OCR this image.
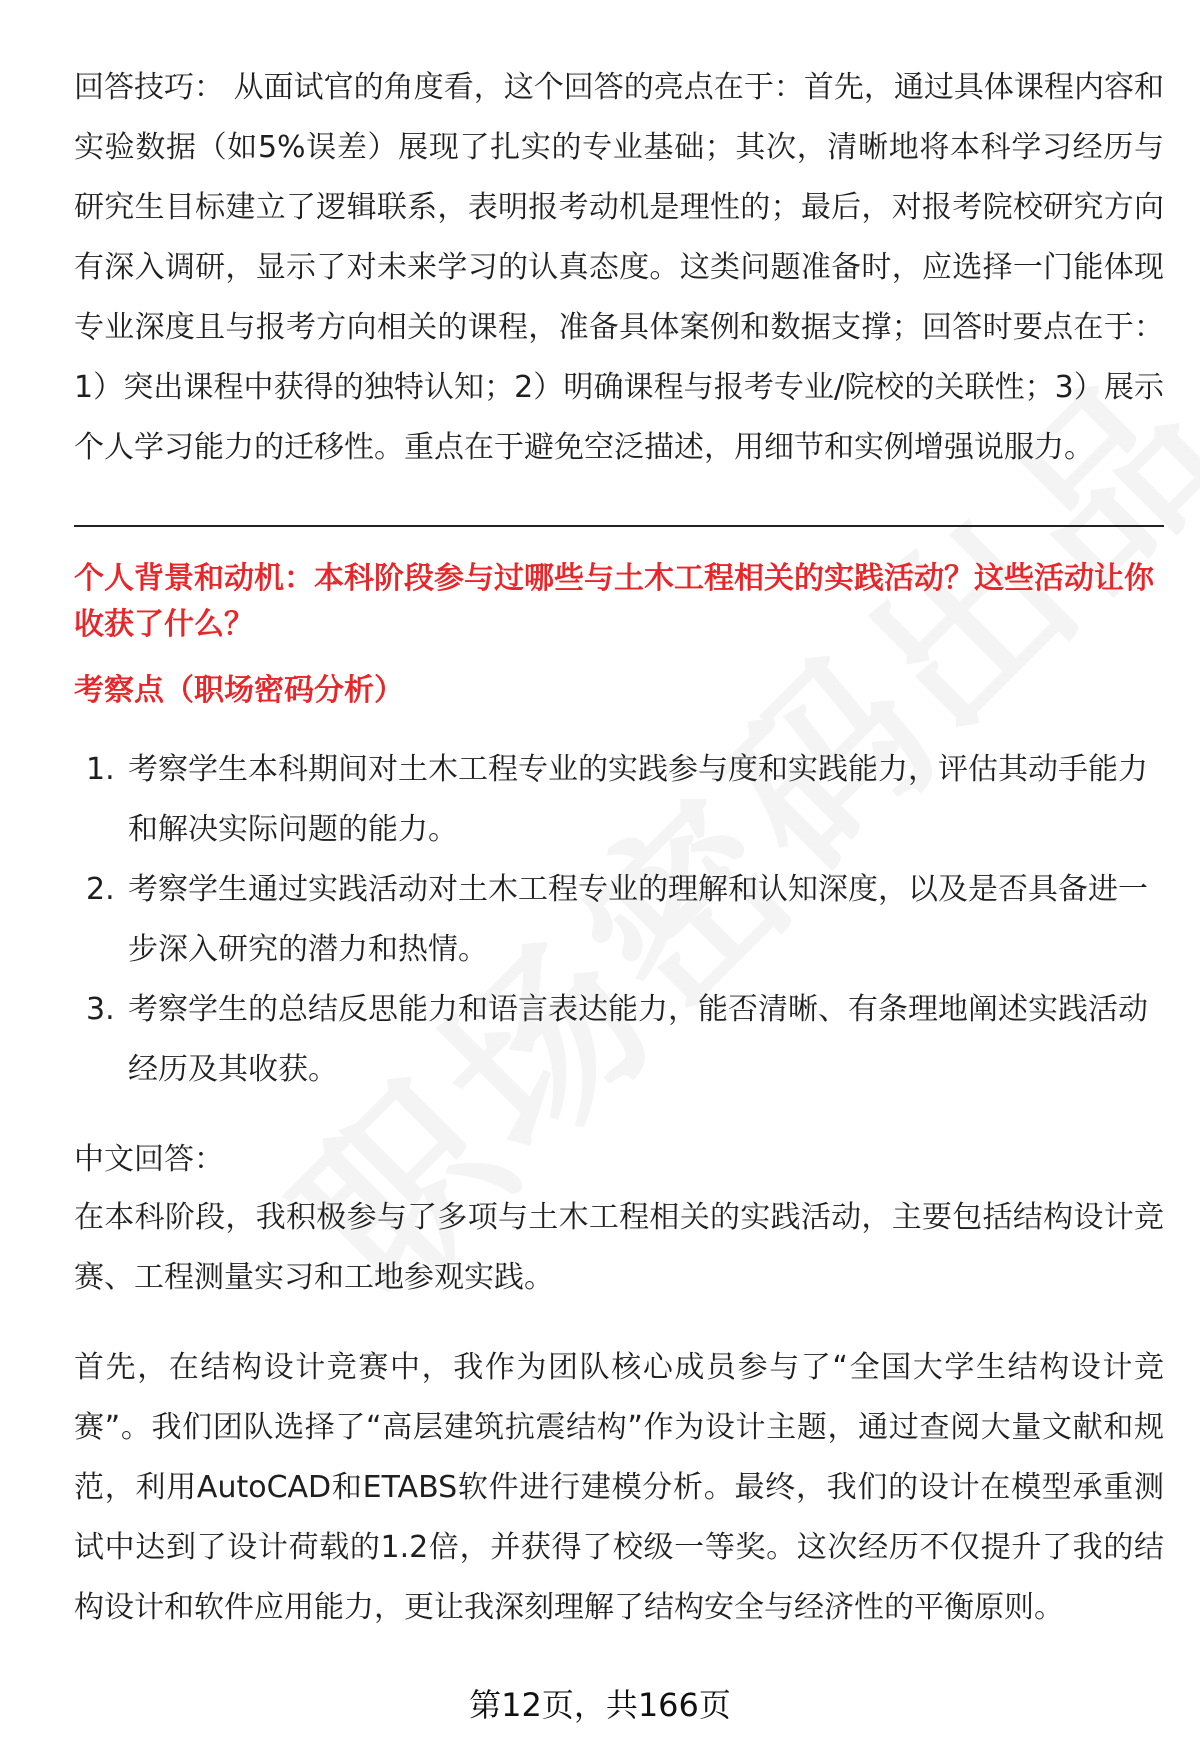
回答技巧： 从面试官的角度看，这个回答的亮点在于：首先，通过具体课程内容和实验数据（如5%误差）展现了扎实的专业基础；其次，清晰地将本科学习经历与研究生目标建立了逻辑联系，表明报考动机是理性的；最后，对报考院校研究方向有深入调研，显示了对未来学习的认真态度。这类问题准备时，应选择一门能体现专业深度且与报考方向相关的课程，准备具体案例和数据支撑；回答时要点在于：1）突出课程中获得的独特认知；2）明确课程与报考专业/院校的关联性；3）展示个人学习能力的迁移性。重点在于避免空泛描述，用细节和实例增强说服力。

个人背景和动机：本科阶段参与过哪些与土木工程相关的实践活动？这些活动让你收获了什么？
考察点（职场密码分析）
1. 考察学生本科期间对土木工程专业的实践参与度和实践能力，评估其动手能力和解决实际问题的能力。
2. 考察学生通过实践活动对土木工程专业的理解和认知深度，以及是否具备进一步深入研究的潜力和热情。
3. 考察学生的总结反思能力和语言表达能力，能否清晰、有条理地阐述实践活动经历及其收获。

中文回答：

在本科阶段，我积极参与了多项与土木工程相关的实践活动，主要包括结构设计竞赛、工程测量实习和工地参观实践。

首先，在结构设计竞赛中，我作为团队核心成员参与了“全国大学生结构设计竞赛”。我们团队选择了“高层建筑抗震结构”作为设计主题，通过查阅大量文献和规范，利用AutoCAD和ETABS软件进行建模分析。最终，我们的设计在模型承重测试中达到了设计荷载的1.2倍，并获得了校级一等奖。这次经历不仅提升了我的结构设计和软件应用能力，更让我深刻理解了结构安全与经济性的平衡原则。

第12页，共166页
